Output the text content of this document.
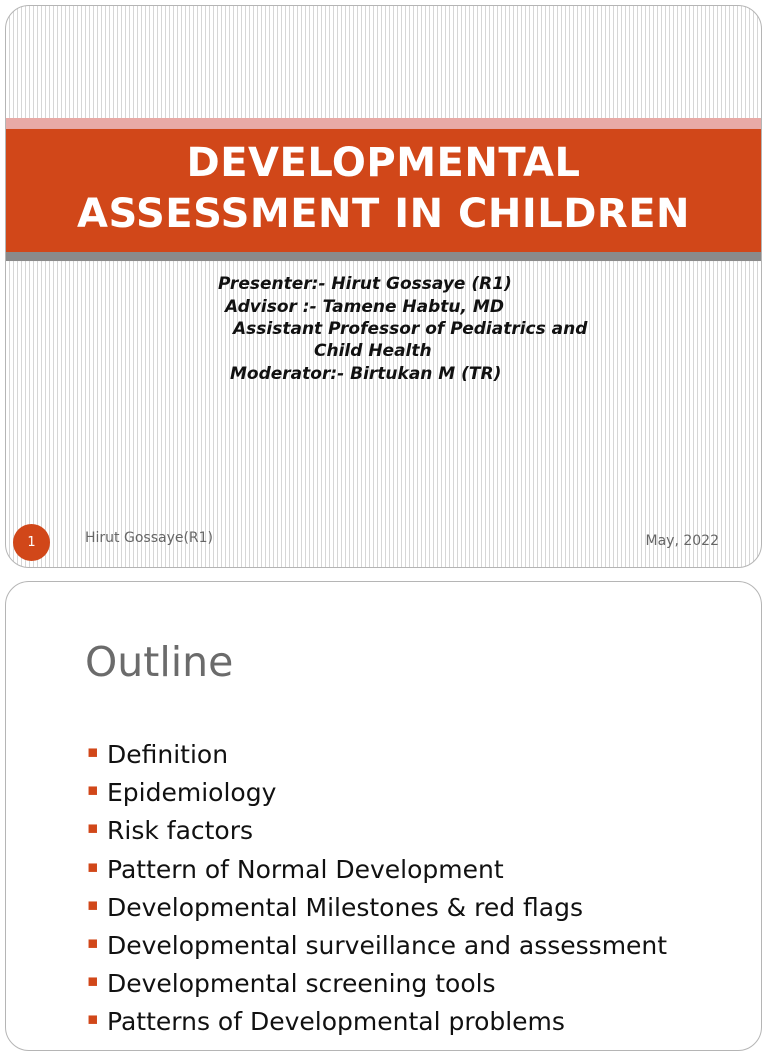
DEVELOPMENTAL
ASSESSMENT IN CHILDREN
Presenter:- Hirut Gossaye (R1)
Advisor :- Tamene Habtu, MD
Assistant Professor of Pediatrics and
Child Health
Moderator:- Birtukan M (TR)
1	Hirut Gossaye(R1)	May, 2022
Outline
▪ Definition
▪ Epidemiology
▪ Risk factors
▪ Pattern of Normal Development
▪ Developmental Milestones & red flags
▪ Developmental surveillance and assessment
▪ Developmental screening tools
▪ Patterns of Developmental problems
